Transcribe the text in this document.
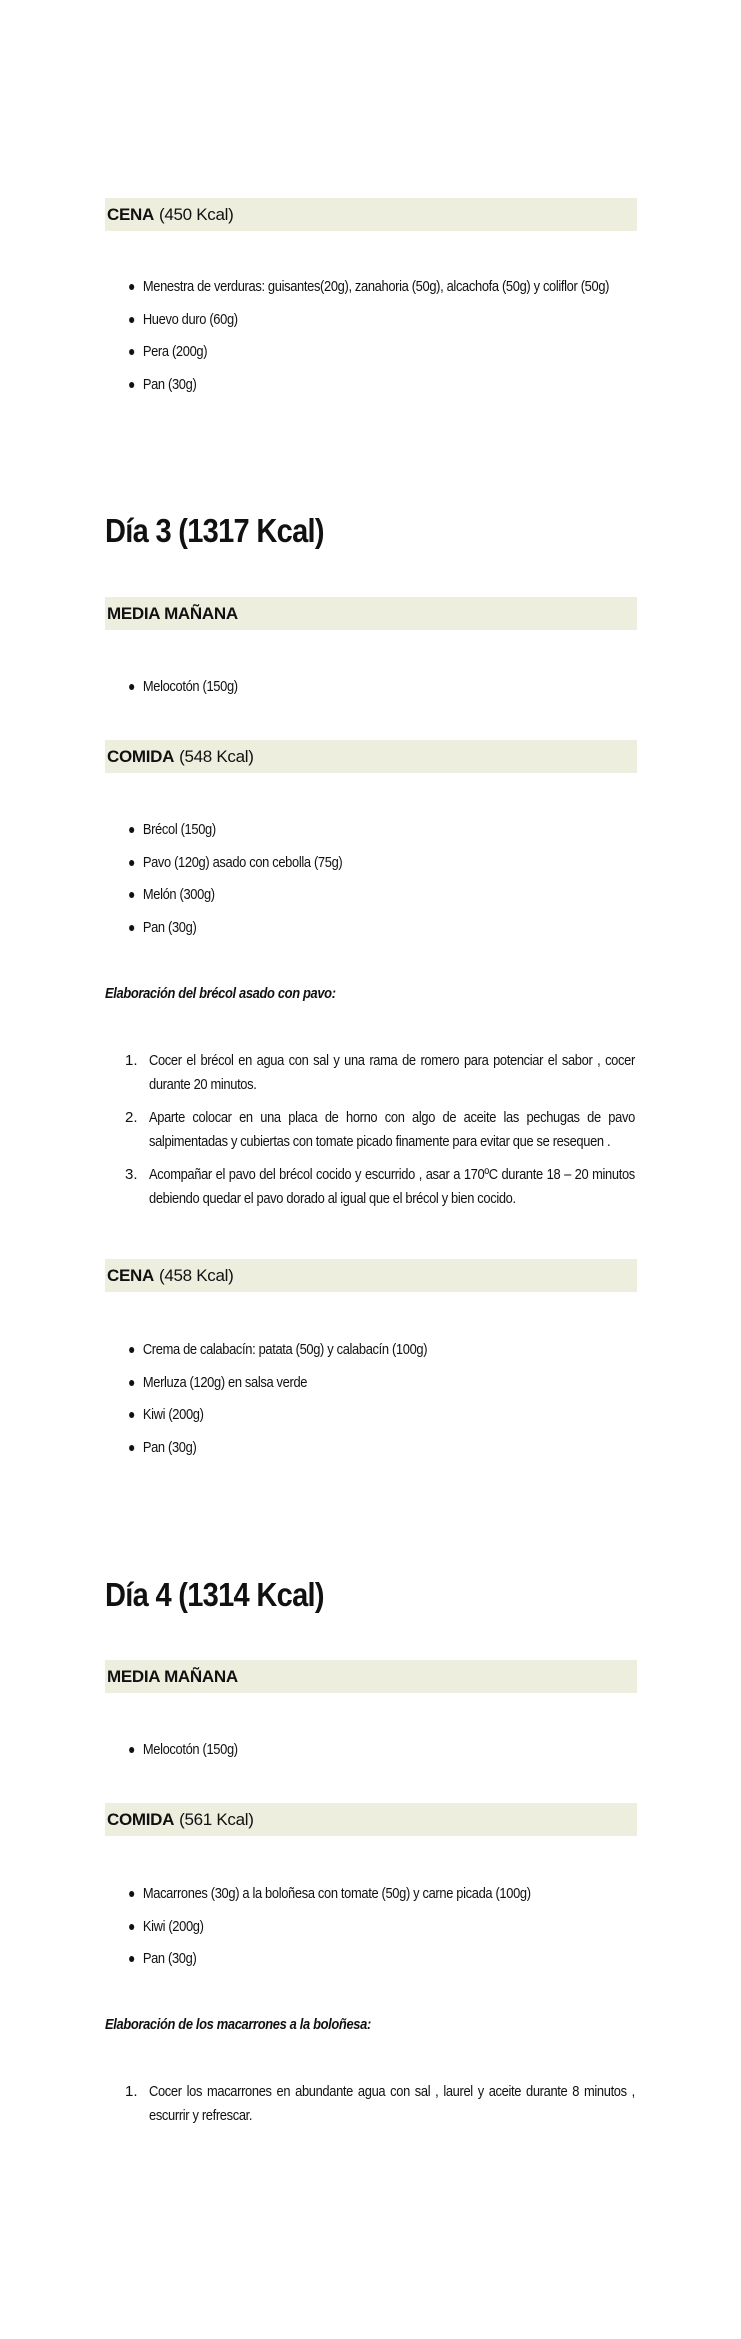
CENA (450 Kcal)
Menestra de verduras: guisantes(20g), zanahoria (50g), alcachofa (50g) y coliflor (50g)
Huevo duro (60g)
Pera (200g)
Pan (30g)
Día 3 (1317 Kcal)
MEDIA MAÑANA
Melocotón (150g)
COMIDA (548 Kcal)
Brécol (150g)
Pavo (120g) asado con cebolla (75g)
Melón (300g)
Pan (30g)
Elaboración del brécol asado con pavo:
1. Cocer el brécol en agua con sal y una rama de romero para potenciar el sabor , cocer durante 20 minutos.
2. Aparte colocar en una placa de horno con algo de aceite las pechugas de pavo salpimentadas y cubiertas con tomate picado finamente para evitar que se resequen .
3. Acompañar el pavo del brécol cocido y escurrido , asar a 170ºC durante 18 – 20 minutos debiendo quedar el pavo dorado al igual que el brécol y bien cocido.
CENA (458 Kcal)
Crema de calabacín: patata (50g) y calabacín (100g)
Merluza (120g) en salsa verde
Kiwi (200g)
Pan (30g)
Día 4 (1314 Kcal)
MEDIA MAÑANA
Melocotón (150g)
COMIDA (561 Kcal)
Macarrones (30g) a la boloñesa con tomate (50g) y carne picada (100g)
Kiwi (200g)
Pan (30g)
Elaboración de los macarrones a la boloñesa:
1. Cocer los macarrones en abundante agua con sal , laurel y aceite durante 8 minutos , escurrir y refrescar.
